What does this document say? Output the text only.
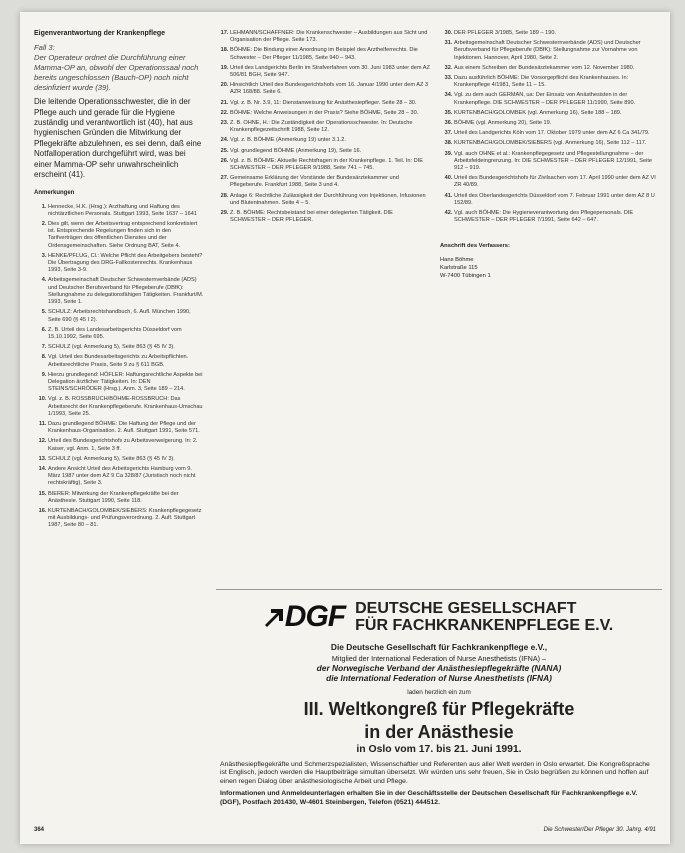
Eigenverantwortung der Krankenpflege
Fall 3:
Der Operateur ordnet die Durchführung einer Mamma-OP an, obwohl der Operationssaal noch bereits ungeschlossen (Bauch-OP) noch nicht desinfiziert wurde (39).
Die leitende Operationsschwester, die in der Pflege auch und gerade für die Hygiene zuständig und verantwortlich ist (40), hat aus hygienischen Gründen die Mitwirkung der Pflegekräfte abzulehnen, es sei denn, daß eine Notfalloperation durchgeführt wird, was bei einer Mamma-OP sehr unwahrscheinlich erscheint (41).
Anmerkungen
1. Hennecke, H.K. (Hrsg.): Arzthaftung und Haftung des nichtärztlichen Personals. Stuttgart 1993, Seite 1637 – 1641
2. Dies gilt, wenn der Arbeitsvertrag entsprechend konkretisiert ist. Entsprechende Regelungen finden sich in den Tarifverträgen des öffentlichen Dienstes und der Ordensgemeinschaften. Siehe Ordnung BAT, Seite 4.
3. HENKE/PFLUG, Cl.: Welche Pflicht des Arbeitgebers besteht? Die Übertragung des DRG-Fallkostenrechts. Krankenhaus 1993, Seite 3-9.
4. Arbeitsgemeinschaft Deutscher Schwesternverbände (ADS) und Deutscher Berufsverband für Pflegeberufe (DBfK): Stellungnahme zu delegationsfähigen Tätigkeiten. Frankfurt/M. 1993, Seite 1.
5. SCHULZ: Arbeitsrechtshandbuch, 6. Aufl. München 1990, Seite 690 (§ 45 I 2).
6. Z. B. Urteil des Landesarbeitsgerichts Düsseldorf vom 15.10.1992, Seite 695.
7. SCHULZ (vgl. Anmerkung 5), Seite 863 (§ 45 IV 3).
8. Vgl. Urteil des Bundesarbeitsgerichts zu Arbeitspflichten. Arbeitsrechtliche Praxis, Seite 9 zu § 611 BGB.
9. Hierzu grundlegend: HÖFLER: Haftungsrechtliche Aspekte bei Delegation ärztlicher Tätigkeiten. In: DEN STEINS/SCHRÖDER (Hrsg.). Anm. 3, Seite 189 – 214.
10. Vgl. z. B. ROSSBRUCH/BÖHME-ROSSBRUCH: Das Arbeitsrecht der Krankenpflegeberufe. Krankenhaus-Umschau 1/1993, Seite 25.
11. Dazu grundlegend BÖHME: Die Haftung der Pflege und der Krankenhaus-Organisation. 2. Aufl. Stuttgart 1991, Seite 571.
12. Urteil des Bundesgerichtshofs zu Arbeitsverweigerung. In: 2. Kaiser, vgl. Anm. 1, Seite 3 ff.
13. SCHULZ (vgl. Anmerkung 5), Seite 863 (§ 45 IV 3).
14. Andere Ansicht Urteil des Arbeitsgerichts Hamburg vom 9. März 1987 unter dem AZ 9 Ca 328/87 (Juristisch noch nicht rechtskräftig), Seite 3.
15. BIERER: Mitwirkung der Krankenpflegekräfte bei der Anästhesie. Stuttgart 1990, Seite 118.
16. KURTENBACH/GOLOMBEK/SIEBERS: Krankenpflegegesetz mit Ausbildungs- und Prüfungsverordnung. 2. Aufl. Stuttgart 1987, Seite 80 – 81.
17. LEHMANN/SCHAFFNER: Die Krankenschwester – Ausbildungen aus Sicht und Organisation der Pflege. Seite 173.
18. BÖHME: Die Bindung einer Anordnung im Beispiel des Arzthelferrechts. Die Schwester – Der Pfleger 11/1985, Seite 940 – 943.
19. Urteil des Landgerichts Berlin im Strafverfahren vom 30. Juni 1983 unter dem AZ 506/81 BGH, Seite 947.
20. Hinsichtlich Urteil des Bundesgerichtshofs vom 16. Januar 1990 unter dem AZ 3 AZR 168/88. Seite 6.
21. Vgl. z. B. Nr. 3.9, 11: Dienstanweisung für Anästhesiepfleger. Seite 28 – 30.
22. BÖHME: Welche Anweisungen in der Praxis? Siehe BÖHME, Seite 28 – 30.
23. Z. B. OHNE, H.: Die Zuständigkeit der Operationsschwester. In: Deutsche Krankenpflegezeitschrift 1988, Seite 12.
24. Vgl. z. B. BÖHME (Anmerkung 19) unter 3.1.2.
25. Vgl. grundlegend BÖHME (Anmerkung 19), Seite 16.
26. Vgl. z. B. BÖHME: Aktuelle Rechtsfragen in der Krankenpflege. 1. Teil. In: DIE SCHWESTER – DER PFLEGER 9/1988, Seite 741 – 745.
27. Gemeinsame Erklärung der Vorstände der Bundesärztekammer und Pflegeberufe. Frankfurt 1988, Seite 3 und 4.
28. Anlage 6: Rechtliche Zulässigkeit der Durchführung von Injektionen, Infusionen und Blutentnahmen. Seite 4 – 5.
29. Z. B. BÖHME: Rechtsbeistand bei einer delegierten Tätigkeit. DIE SCHWESTER – DER PFLEGER.
30. DER PFLEGER 3/1985, Seite 189 – 190.
31. Arbeitsgemeinschaft Deutscher Schwesternverbände (ADS) und Deutscher Berufsverband für Pflegeberufe (DBfK): Stellungnahme zur Vornahme von Injektionen. Hannover, April 1980, Seite 2.
32. Aus einem Schreiben der Bundesärztekammer vom 12. November 1980.
33. Dazu ausführlich BÖHME: Die Vorsorgepflicht des Krankenhauses. In: Krankenpflege 4/1981, Seite 11 – 15.
34. Vgl. zu dem auch GERMAN, ua: Der Einsatz von Anästhesisten in der Krankenpflege. DIE SCHWESTER – DER PFLEGER 11/1990, Seite 890.
35. KURTENBACH/GOLOMBEK (vgl. Anmerkung 16), Seite 188 – 189.
36. BÖHME (vgl. Anmerkung 20), Seite 19.
37. Urteil des Landgerichts Köln vom 17. Oktober 1979 unter dem AZ 6 Ca 341/79.
38. KURTENBACH/GOLOMBEK/SIEBERS (vgl. Anmerkung 16), Seite 112 – 117.
39. Vgl. auch OHNE et al.: Krankenpflegegesetz und Pflegestellungnahme – der Arbeitsfeldeingrenzung. In: DIE SCHWESTER – DER PFLEGER 12/1991, Seite 912 – 919.
40. Urteil des Bundesgerichtshofs für Zivilsachen vom 17. April 1990 unter dem AZ VI ZR 40/89.
41. Urteil des Oberlandesgerichts Düsseldorf vom 7. Februar 1991 unter dem AZ 8 U 152/89.
42. Vgl. auch BÖHME: Die Hygieneverantwortung des Pflegepersonals. DIE SCHWESTER – DER PFLEGER 7/1991, Seite 642 – 647.
Anschrift des Verfassers:
Hans Böhme
Karlstraße 115
W-7400 Tübingen 1
DGF DEUTSCHE GESELLSCHAFT
FÜR FACHKRANKENPFLEGE E.V.
Die Deutsche Gesellschaft für Fachkrankenpflege e.V.,
Mitglied der International Federation of Nurse Anesthetists (IFNA) –
der Norwegische Verband der Anästhesiepflegekräfte (NANA)
die International Federation of Nurse Anesthetists (IFNA)
laden herzlich ein zum
III. Weltkongreß für Pflegekräfte
in der Anästhesie
in Oslo vom 17. bis 21. Juni 1991.
Anästhesiepflegekräfte und Schmerzspezialisten, Wissenschaftler und Referenten aus aller Welt werden in Oslo erwartet. Die Kongreßsprache ist Englisch, jedoch werden die Hauptbeiträge simultan übersetzt. Wir würden uns sehr freuen, Sie in Oslo begrüßen zu können und hoffen auf einen regen Dialog über anästhesiologische Arbeit und Pflege.
Informationen und Anmeldeunterlagen erhalten Sie in der Geschäftsstelle der Deutschen Gesellschaft für Fachkrankenpflege e.V. (DGF), Postfach 201430, W-4601 Steinbergen, Telefon (0521) 444512.
364	Die Schwester/Der Pfleger 30. Jahrg. 4/91
